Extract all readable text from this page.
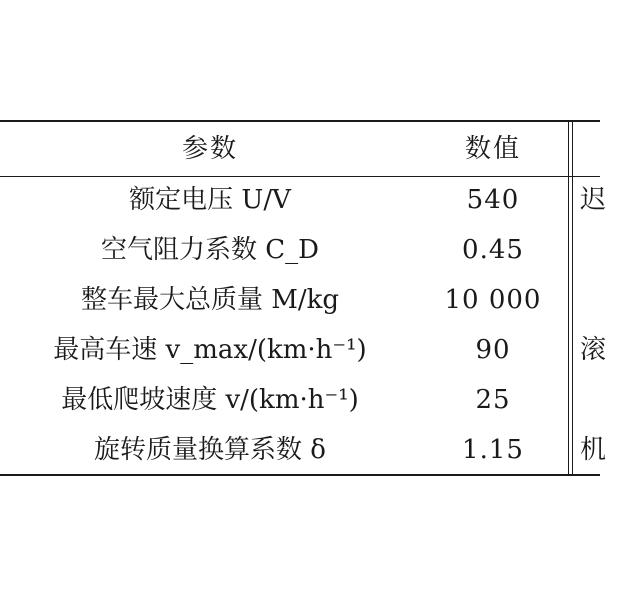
参数	数值
额定电压 U/V	540	迟
空气阻力系数 C_D	0.45
整车最大总质量 M/kg	10 000
最高车速 v_max/(km·h⁻¹)	90	滚
最低爬坡速度 v/(km·h⁻¹)	25
旋转质量换算系数 δ	1.15	机
